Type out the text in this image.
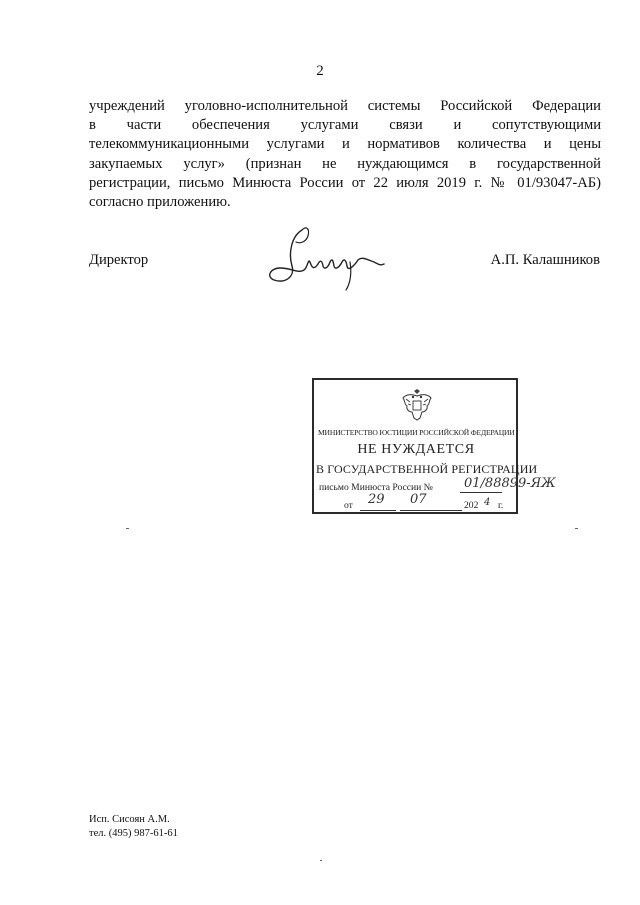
2
учреждений уголовно-исполнительной системы Российской Федерации
в части обеспечения услугами связи и сопутствующими
телекоммуникационными услугами и нормативов количества и цены
закупаемых услуг» (признан не нуждающимся в государственной
регистрации, письмо Минюста России от 22 июля 2019 г. № 01/93047-АБ)
согласно приложению.
Директор	А.П. Калашников
МИНИСТЕРСТВО ЮСТИЦИИ РОССИЙСКОЙ ФЕДЕРАЦИИ
НЕ НУЖДАЕТСЯ
В ГОСУДАРСТВЕННОЙ РЕГИСТРАЦИИ
письмо Минюста России № 01/88899-ЯЖ
от 29 07	202 4 г.
Исп. Сисоян А.М.
тел. (495) 987-61-61
